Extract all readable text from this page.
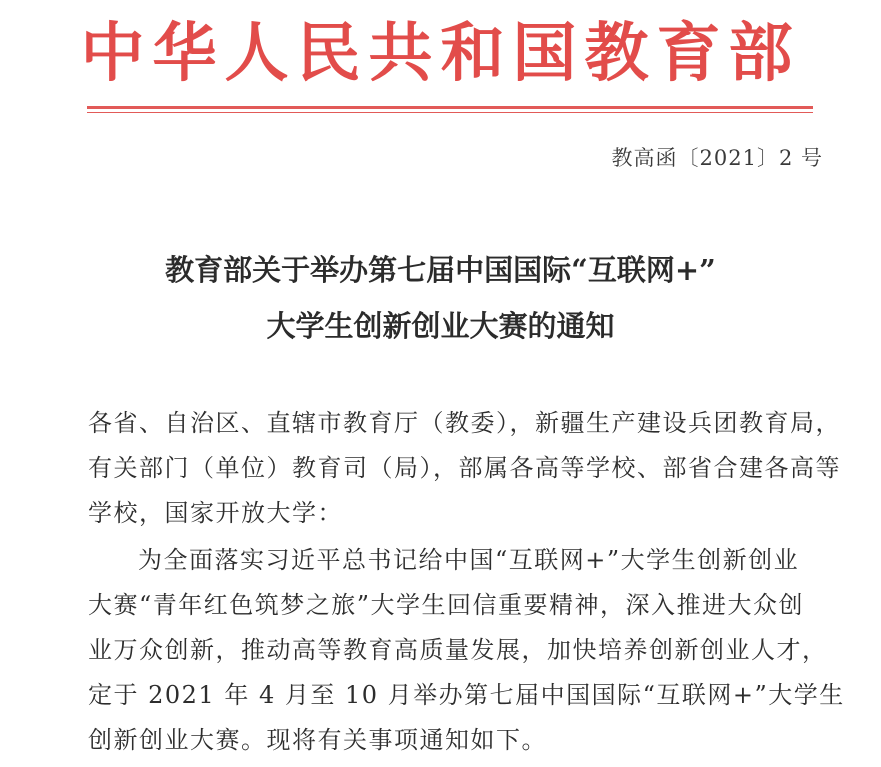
中华人民共和国教育部
教高函〔2021〕2 号
教育部关于举办第七届中国国际“互联网+”
大学生创新创业大赛的通知
各省、自治区、直辖市教育厅（教委），新疆生产建设兵团教育局，
有关部门（单位）教育司（局），部属各高等学校、部省合建各高等
学校，国家开放大学：
为全面落实习近平总书记给中国“互联网+”大学生创新创业
大赛“青年红色筑梦之旅”大学生回信重要精神，深入推进大众创
业万众创新，推动高等教育高质量发展，加快培养创新创业人才，
定于 2021 年 4 月至 10 月举办第七届中国国际“互联网+”大学生
创新创业大赛。现将有关事项通知如下。
